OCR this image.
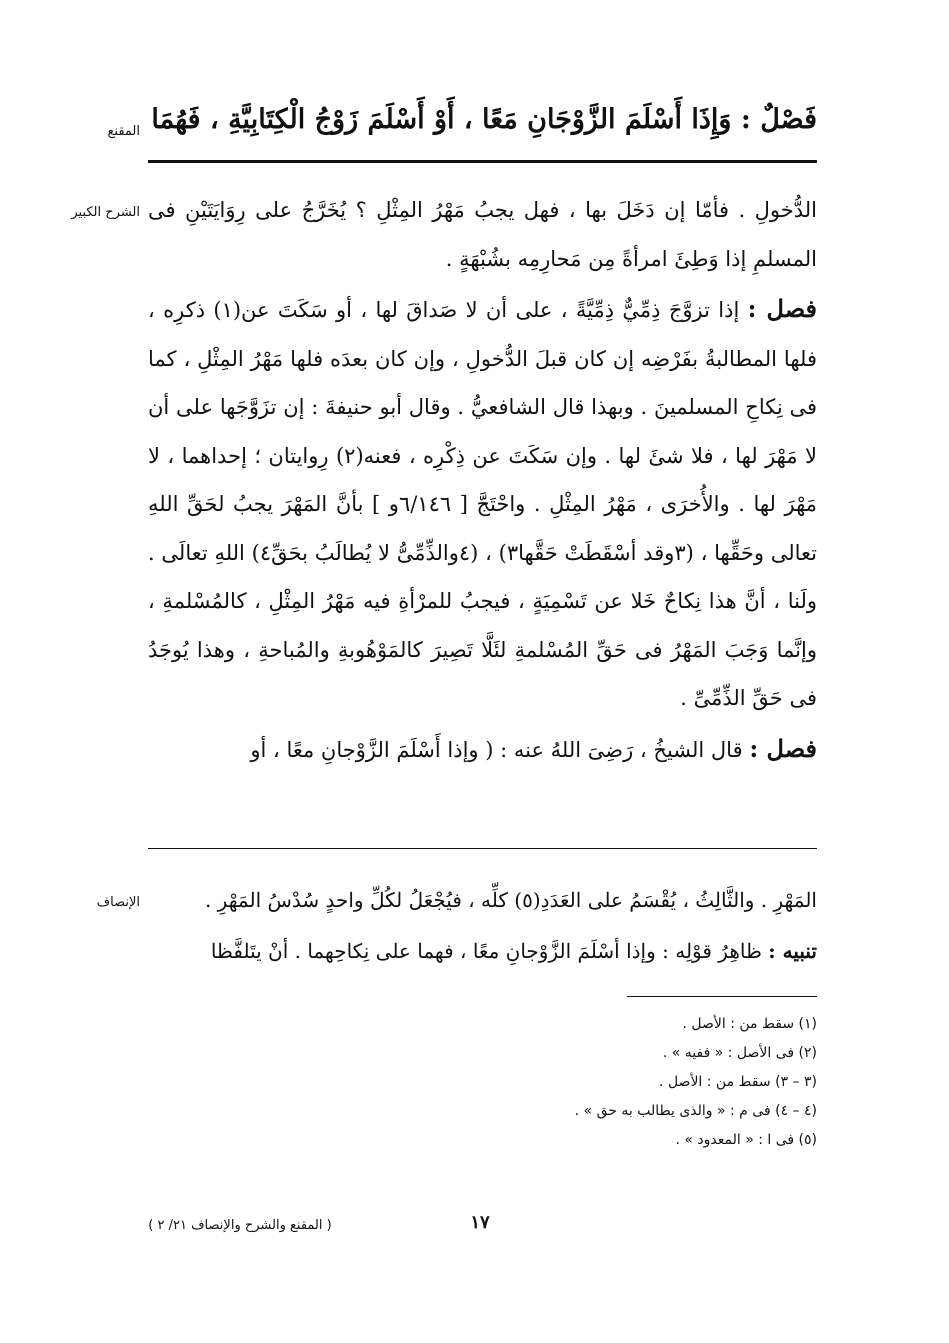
المقنع
الشرح الكبير
الإنصاف
فَصْلٌ : وَإِذَا أَسْلَمَ الزَّوْجَانِ مَعًا ، أَوْ أَسْلَمَ زَوْجُ الْكِتَابِيَّةِ ، فَهُمَا

الدُّخولِ . فأمّا إن دَخَلَ بها ، فهل يجبُ مَهْرُ المِثْلِ ؟ يُخَرَّجُ على رِوَايَتَيْنِ فى المسلمِ إذا وَطِئَ امرأةً مِن مَحارِمِه بشُبْهَةٍ .

فصل : إذا تزوَّجَ ذِمِّيٌّ ذِمِّيَّةً ، على أن لا صَداقَ لها ، أو سَكَتَ عن(١) ذكرِه ، فلها المطالبةُ بفَرْضِه إن كان قبلَ الدُّخولِ ، وإن كان بعدَه فلها مَهْرُ المِثْلِ ، كما فى نِكاحِ المسلمينَ . وبهذا قال الشافعيُّ . وقال أبو حنيفةَ : إن تزَوَّجَها على أن لا مَهْرَ لها ، فلا شئَ لها . وإن سَكَتَ عن ذِكْرِه ، فعنه(٢) رِوايتان ؛ إحداهما ، لا مَهْرَ لها . والأُخرَى ، مَهْرُ المِثْلِ . واحْتَجَّ [ ٦/١٤٦و ] بأنَّ المَهْرَ يجبُ لحَقِّ اللهِ تعالى وحَقِّها ، (٣وقد أسْقَطَتْ حَقَّها٣) ، (٤والذِّمِّىُّ لا يُطالَبُ بحَقِّ٤) اللهِ تعالَى . ولَنا ، أنَّ هذا نِكاحٌ خَلا عن تَسْمِيَةٍ ، فيجبُ للمرْأةِ فيه مَهْرُ المِثْلِ ، كالمُسْلمةِ ، وإنَّما وَجَبَ المَهْرُ فى حَقِّ المُسْلمةِ لئَلَّا تَصِيرَ كالمَوْهُوبةِ والمُباحةِ ، وهذا يُوجَدُ فى حَقِّ الذِّمِّىِّ .

فصل : قال الشيخُ ، رَضِىَ اللهُ عنه : ( وإذا أَسْلَمَ الزَّوْجانِ معًا ، أو

المَهْرِ . والثَّالِثُ ، يُقْسَمُ على العَدَدِ(٥) كلِّه ، فيُجْعَلُ لكُلِّ واحدٍ سُدْسُ المَهْرِ .

تنبيه : ظاهِرُ قوْلِه : وإذا أسْلَمَ الزَّوْجانِ معًا ، فهما على نِكاحِهما . أنْ يتَلفَّظا

(١) سقط من : الأصل .
(٢) فى الأصل : « ففيه » .
(٣ – ٣) سقط من : الأصل .
(٤ – ٤) فى م : « والذى يطالب به حق » .
(٥) فى ا : « المعدود » .
١٧
( المقنع والشرح والإنصاف ٢١/ ٢ )
